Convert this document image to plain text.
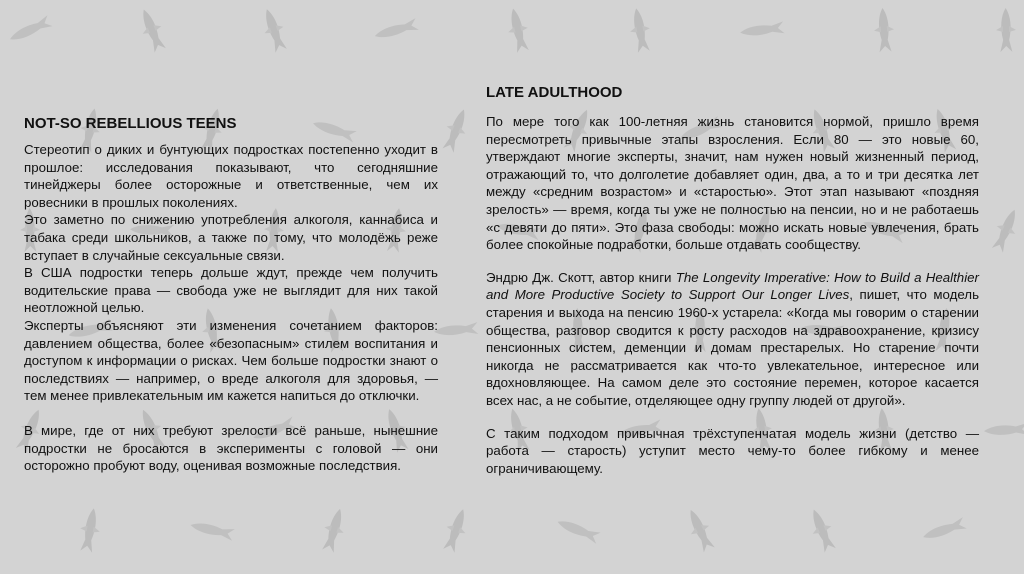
NOT-SO REBELLIOUS TEENS

Стереотип о диких и бунтующих подростках постепенно уходит в прошлое: исследования показывают, что сегодняшние тинейджеры более осторожные и ответственные, чем их ровесники в прошлых поколениях.

Это заметно по снижению употребления алкоголя, каннабиса и табака среди школьников, а также по тому, что молодёжь реже вступает в случайные сексуальные связи.

В США подростки теперь дольше ждут, прежде чем получить водительские права — свобода уже не выглядит для них такой неотложной целью.

Эксперты объясняют эти изменения сочетанием факторов: давлением общества, более «безопасным» стилем воспитания и доступом к информации о рисках. Чем больше подростки знают о последствиях — например, о вреде алкоголя для здоровья, — тем менее привлекательным им кажется напиться до отключки.

В мире, где от них требуют зрелости всё раньше, нынешние подростки не бросаются в эксперименты с головой — они осторожно пробуют воду, оценивая возможные последствия.

LATE ADULTHOOD

По мере того как 100-летняя жизнь становится нормой, пришло время пересмотреть привычные этапы взросления. Если 80 — это новые 60, утверждают многие эксперты, значит, нам нужен новый жизненный период, отражающий то, что долголетие добавляет один, два, а то и три десятка лет между «средним возрастом» и «старостью». Этот этап называют «поздняя зрелость» — время, когда ты уже не полностью на пенсии, но и не работаешь «с девяти до пяти». Это фаза свободы: можно искать новые увлечения, брать более спокойные подработки, больше отдавать сообществу.

Эндрю Дж. Скотт, автор книги The Longevity Imperative: How to Build a Healthier and More Productive Society to Support Our Longer Lives, пишет, что модель старения и выхода на пенсию 1960-х устарела: «Когда мы говорим о старении общества, разговор сводится к росту расходов на здравоохранение, кризису пенсионных систем, деменции и домам престарелых. Но старение почти никогда не рассматривается как что-то увлекательное, интересное или вдохновляющее. На самом деле это состояние перемен, которое касается всех нас, а не событие, отделяющее одну группу людей от другой».

С таким подходом привычная трёхступенчатая модель жизни (детство — работа — старость) уступит место чему-то более гибкому и менее ограничивающему.
